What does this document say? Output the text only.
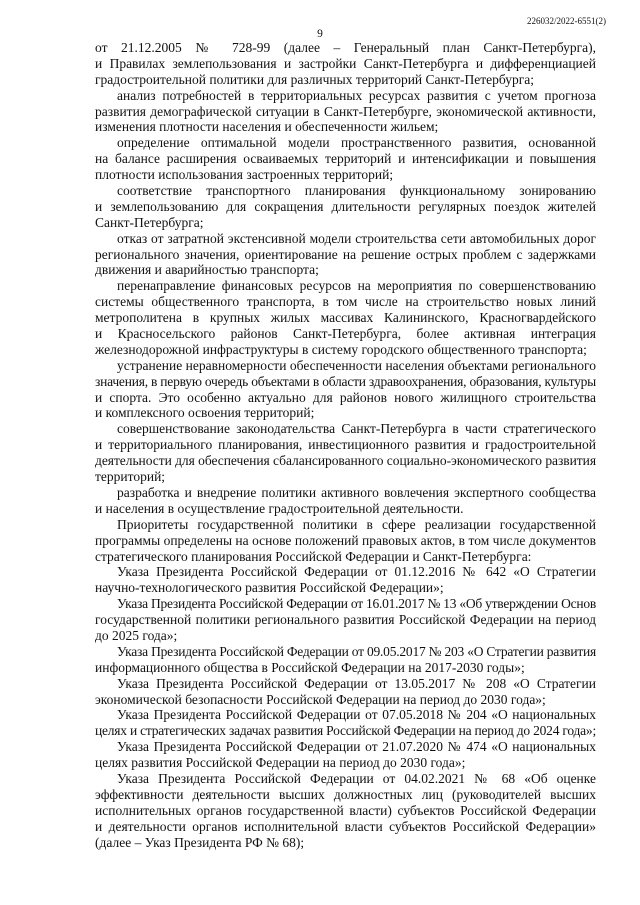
9
226032/2022-6551(2)
от 21.12.2005 № 728-99 (далее – Генеральный план Санкт-Петербурга),
и Правилах землепользования и застройки Санкт-Петербурга и дифференциацией
градостроительной политики для различных территорий Санкт-Петербурга;
анализ потребностей в территориальных ресурсах развития с учетом прогноза
развития демографической ситуации в Санкт-Петербурге, экономической активности,
изменения плотности населения и обеспеченности жильем;
определение оптимальной модели пространственного развития, основанной
на балансе расширения осваиваемых территорий и интенсификации и повышения
плотности использования застроенных территорий;
соответствие транспортного планирования функциональному зонированию
и землепользованию для сокращения длительности регулярных поездок жителей
Санкт-Петербурга;
отказ от затратной экстенсивной модели строительства сети автомобильных дорог
регионального значения, ориентирование на решение острых проблем с задержками
движения и аварийностью транспорта;
перенаправление финансовых ресурсов на мероприятия по совершенствованию
системы общественного транспорта, в том числе на строительство новых линий
метрополитена в крупных жилых массивах Калининского, Красногвардейского
и Красносельского районов Санкт-Петербурга, более активная интеграция
железнодорожной инфраструктуры в систему городского общественного транспорта;
устранение неравномерности обеспеченности населения объектами регионального
значения, в первую очередь объектами в области здравоохранения, образования, культуры
и спорта. Это особенно актуально для районов нового жилищного строительства
и комплексного освоения территорий;
совершенствование законодательства Санкт-Петербурга в части стратегического
и территориального планирования, инвестиционного развития и градостроительной
деятельности для обеспечения сбалансированного социально-экономического развития
территорий;
разработка и внедрение политики активного вовлечения экспертного сообщества
и населения в осуществление градостроительной деятельности.
Приоритеты государственной политики в сфере реализации государственной
программы определены на основе положений правовых актов, в том числе документов
стратегического планирования Российской Федерации и Санкт-Петербурга:
Указа Президента Российской Федерации от 01.12.2016 № 642 «О Стратегии
научно-технологического развития Российской Федерации»;
Указа Президента Российской Федерации от 16.01.2017 № 13 «Об утверждении Основ
государственной политики регионального развития Российской Федерации на период
до 2025 года»;
Указа Президента Российской Федерации от 09.05.2017 № 203 «О Стратегии развития
информационного общества в Российской Федерации на 2017-2030 годы»;
Указа Президента Российской Федерации от 13.05.2017 № 208 «О Стратегии
экономической безопасности Российской Федерации на период до 2030 года»;
Указа Президента Российской Федерации от 07.05.2018 № 204 «О национальных
целях и стратегических задачах развития Российской Федерации на период до 2024 года»;
Указа Президента Российской Федерации от 21.07.2020 № 474 «О национальных
целях развития Российской Федерации на период до 2030 года»;
Указа Президента Российской Федерации от 04.02.2021 № 68 «Об оценке
эффективности деятельности высших должностных лиц (руководителей высших
исполнительных органов государственной власти) субъектов Российской Федерации
и деятельности органов исполнительной власти субъектов Российской Федерации»
(далее – Указ Президента РФ № 68);
